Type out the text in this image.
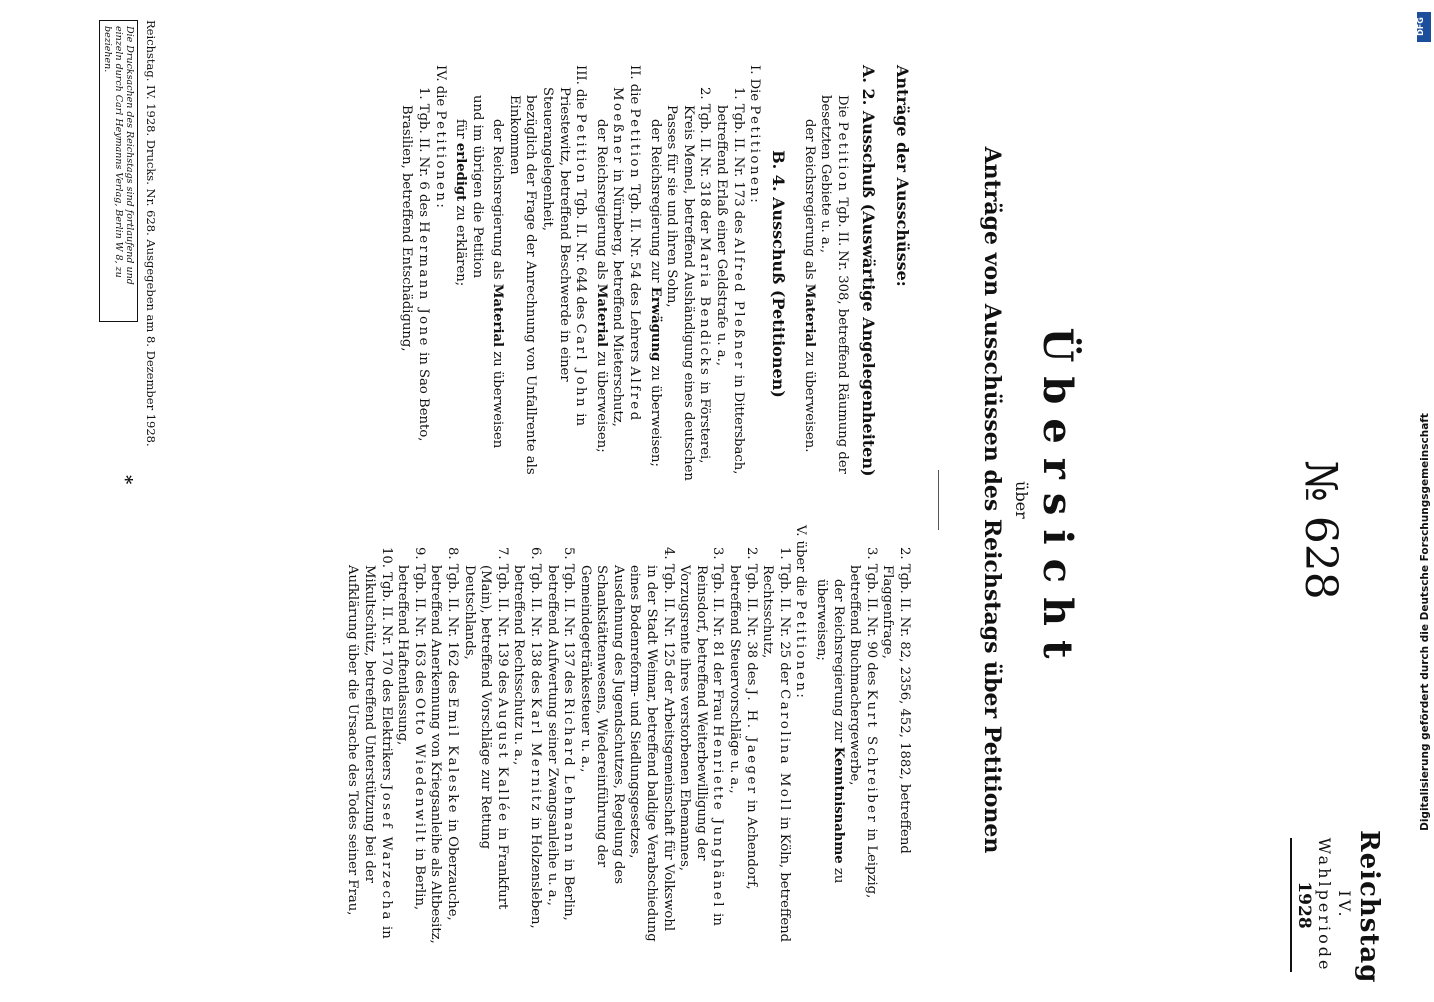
Reichstag
IV. Wahlperiode
1928
№ 628
Übersicht
über
Anträge von Ausschüssen des Reichstags über Petitionen

Anträge der Ausschüsse:

A. 2. Ausschuß (Auswärtige Angelegenheiten)

Die Petition Tgb. II. Nr. 308, betreffend Räumung der besetzten Gebiete u. a.,

der Reichsregierung als Material zu überweisen.

B. 4. Ausschuß (Petitionen)

I. Die Petitionen:

1. Tgb. II. Nr. 173 des Alfred Pleßner in Dittersbach, betreffend Erlaß einer Geldstrafe u. a.,

2. Tgb. II. Nr. 318 der Maria Bendicks in Försterei, Kreis Memel, betreffend Aushändigung eines deutschen Passes für sie und ihren Sohn,

der Reichsregierung zur Erwägung zu überweisen;

II. die Petition Tgb. II. Nr. 54 des Lehrers Alfred Moeßner in Nürnberg, betreffend Mieterschutz,

der Reichsregierung als Material zu überweisen;

III. die Petition Tgb. II. Nr. 644 des Carl John in Priestewitz, betreffend Beschwerde in einer Steuerangelegenheit,

bezüglich der Frage der Anrechnung von Unfallrente als Einkommen

der Reichsregierung als Material zu überweisen

und im übrigen die Petition

für erledigt zu erklären;

IV. die Petitionen:

1. Tgb. II. Nr. 6 des Hermann Jone in Sao Bento, Brasilien, betreffend Entschädigung,

2. Tgb. II. Nr. 82, 2356, 452, 1882, betreffend Flaggenfrage,

3. Tgb. II. Nr. 90 des Kurt Schreiber in Leipzig, betreffend Buchmachergewerbe,

der Reichsregierung zur Kenntnisnahme zu überweisen;

V. über die Petitionen:

1. Tgb. II. Nr. 25 der Carolina Moll in Köln, betreffend Rechtsschutz,

2. Tgb. II. Nr. 38 des J. H. Jaeger in Achendorf, betreffend Steuervorschläge u. a.,

3. Tgb. II. Nr. 81 der Frau Henriette Junghänel in Reinsdorf, betreffend Weiterbewilligung der Vorzugsrente ihres verstorbenen Ehemannes,

4. Tgb. II. Nr. 125 der Arbeitsgemeinschaft für Volkswohl in der Stadt Weimar, betreffend baldige Verabschiedung eines Bodenreform- und Siedlungsgesetzes, Ausdehnung des Jugendschutzes, Regelung des Schankstättenwesens, Wiedereinführung der Gemeindegetränkesteuer u. a.,

5. Tgb. II. Nr. 137 des Richard Lehmann in Berlin, betreffend Aufwertung seiner Zwangsanleihe u. a.,

6. Tgb. II. Nr. 138 des Karl Mernitz in Holzensleben, betreffend Rechtsschutz u. a.,

7. Tgb. II. Nr. 139 des August Kallée in Frankfurt (Main), betreffend Vorschläge zur Rettung Deutschlands,

8. Tgb. II. Nr. 162 des Emil Kaleske in Oberzauche, betreffend Anerkennung von Kriegsanleihe als Altbesitz,

9. Tgb. II. Nr. 163 des Otto Wiedenwilt in Berlin, betreffend Haftentlassung,

10. Tgb. II. Nr. 170 des Elektrikers Josef Warzecha in Mikultschütz, betreffend Unterstützung bei der Aufklärung über die Ursache des Todes seiner Frau,

Reichstag. IV. 1928. Drucks. Nr. 628. Ausgegeben am 8. Dezember 1928.
Die Drucksachen des Reichstags sind fortlaufend und einzeln durch Carl Heymanns Verlag, Berlin W 8, zu beziehen.
*
DFG
Digitalisierung gefördert durch die Deutsche Forschungsgemeinschaft
